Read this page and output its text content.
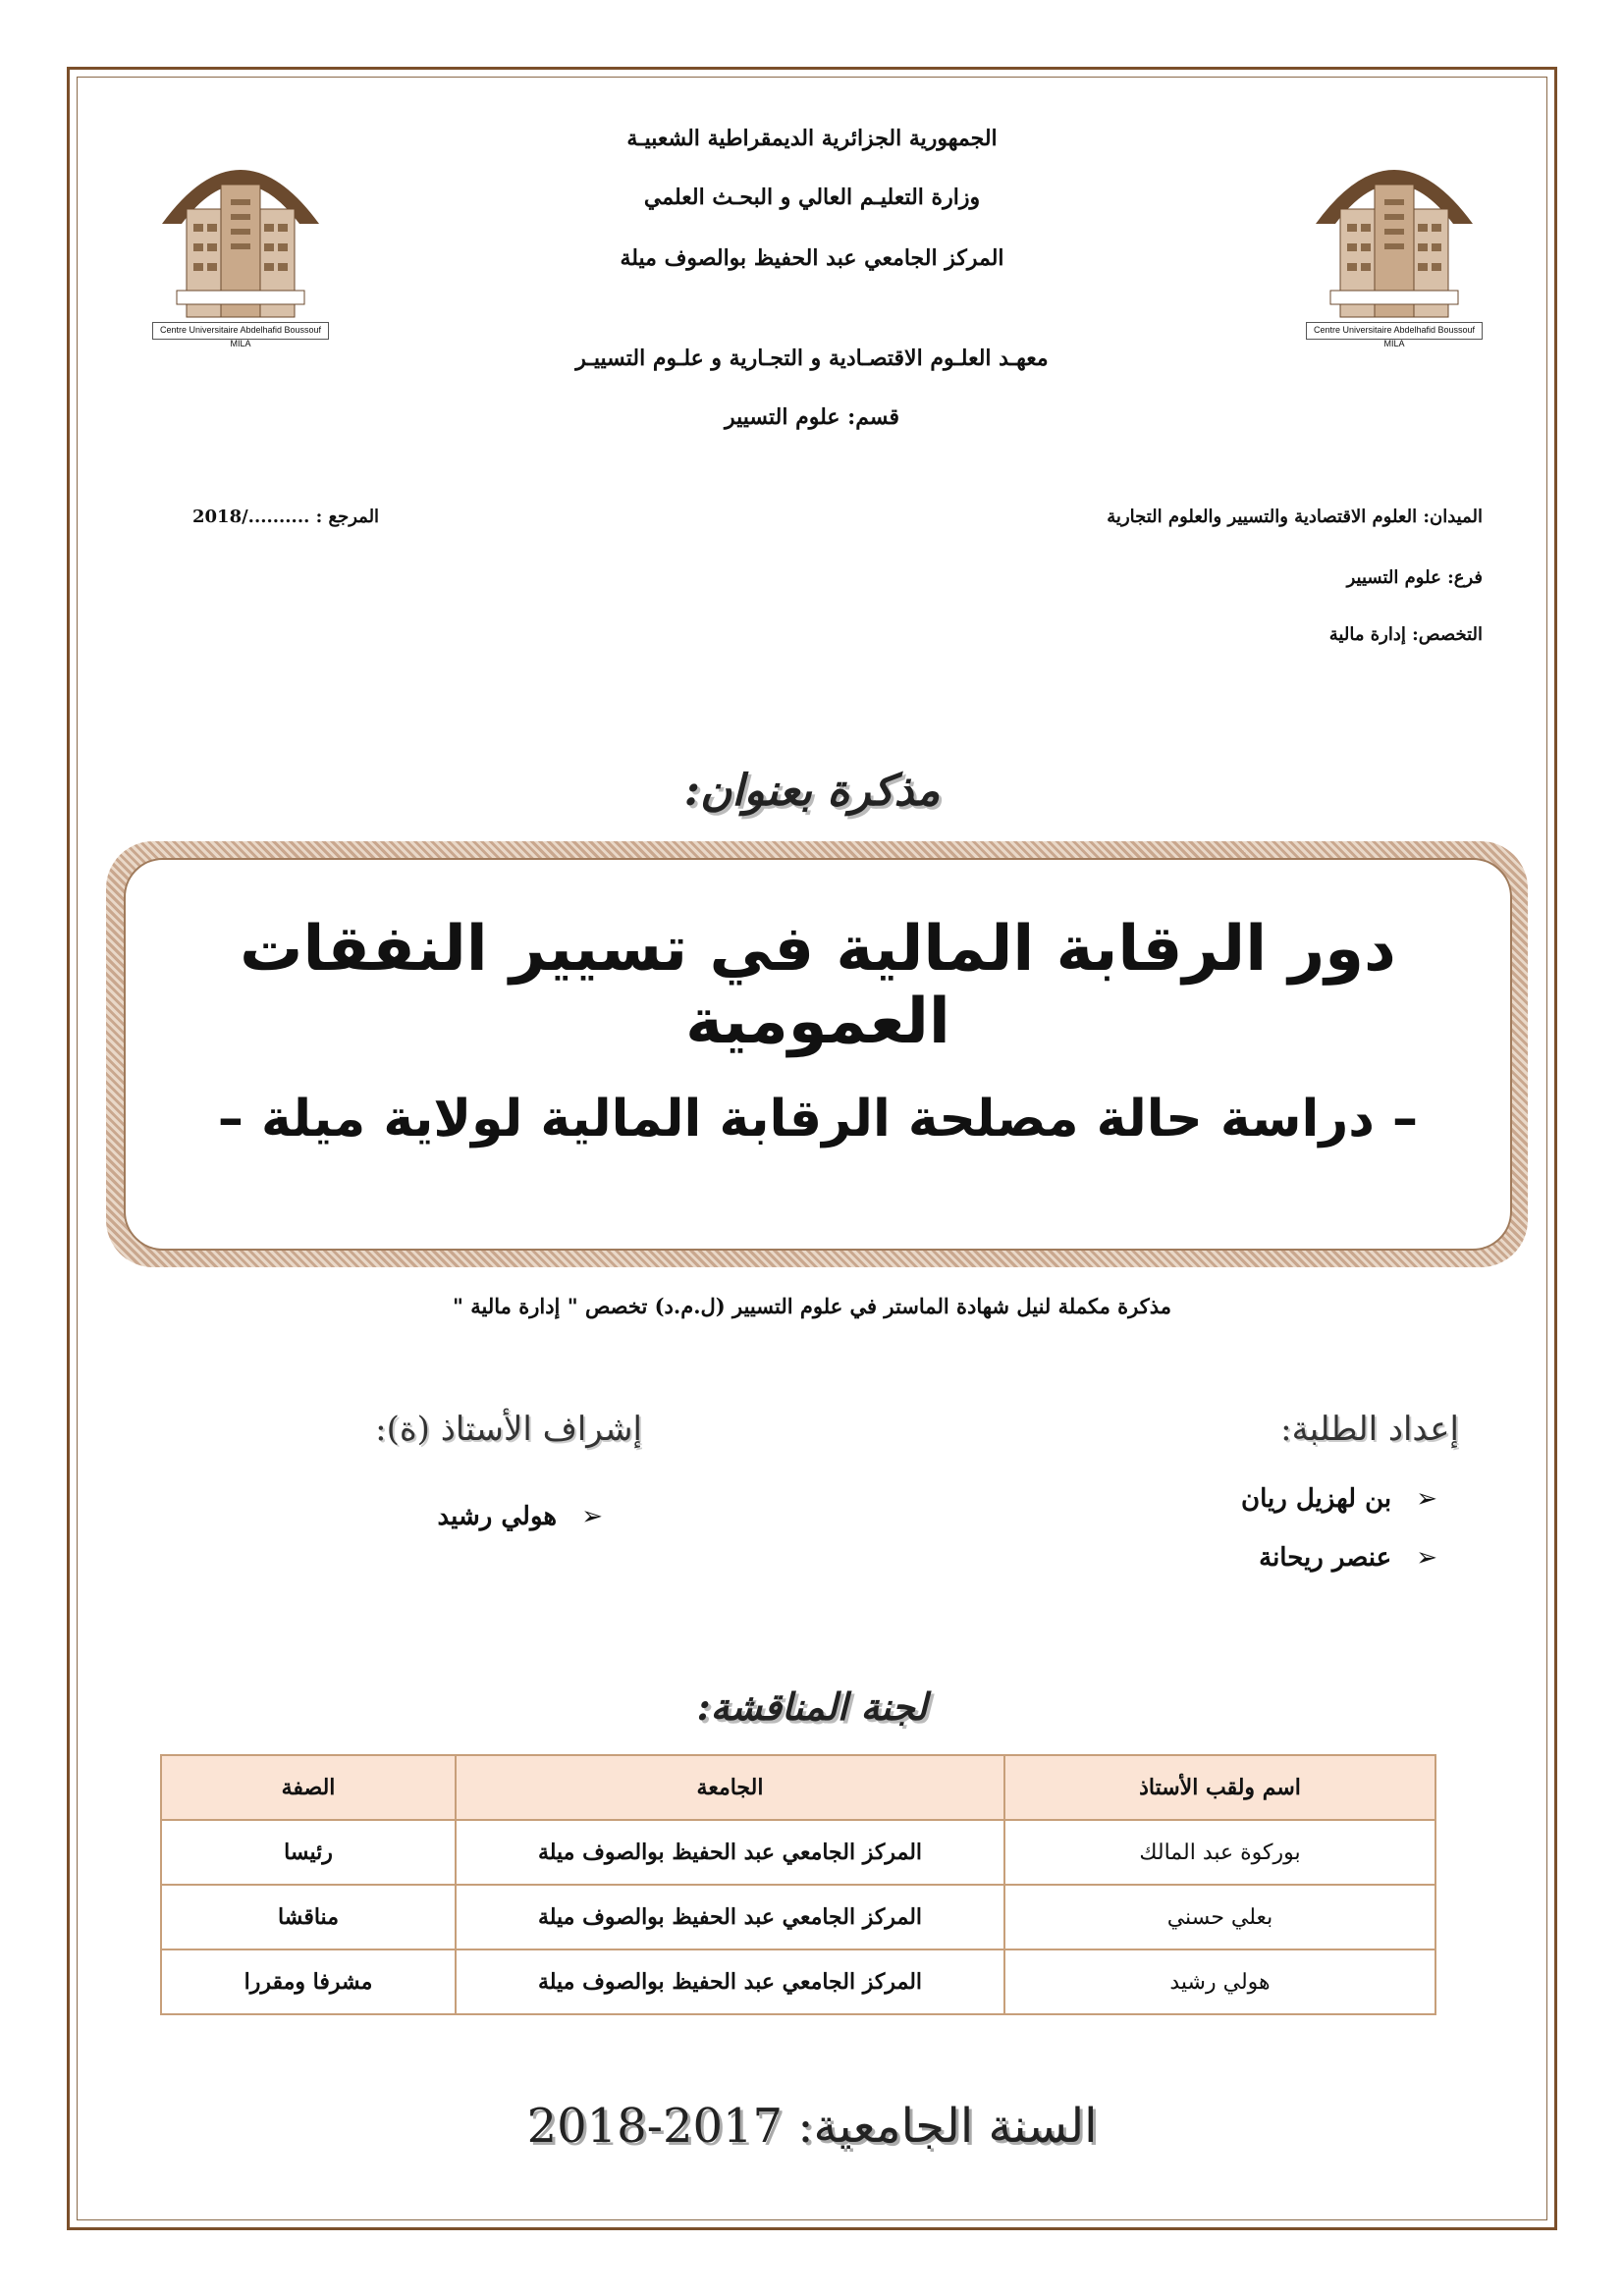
Centre Universitaire Abdelhafid Boussouf MILA
Centre Universitaire Abdelhafid Boussouf MILA
الجمهورية الجزائرية الديمقراطية الشعبيـة
وزارة التعليـم العالي و البحـث العلمي
المركز الجامعي عبد الحفيظ بوالصوف ميلة
معهـد العلـوم الاقتصـادية و التجـارية و علـوم التسييـر
قسم: علوم التسيير
الميدان: العلوم الاقتصادية والتسيير والعلوم التجارية
المرجع : ........../2018
فرع: علوم التسيير
التخصص: إدارة مالية
مذكرة بعنوان:
دور الرقابة المالية في تسيير النفقات العمومية
– دراسة حالة مصلحة الرقابة المالية لولاية ميلة –
مذكرة مكملة لنيل شهادة الماستر في علوم التسيير (ل.م.د) تخصص " إدارة مالية "
إعداد الطلبة:
➢ بن لهزيل ريان
➢ عنصر ريحانة
إشراف الأستاذ (ة):
➢ هولي رشيد
لجنة المناقشة:
اسم ولقب الأستاذ	الجامعة	الصفة
بوركوة عبد المالك	المركز الجامعي عبد الحفيظ بوالصوف ميلة	رئيسا
بعلي حسني	المركز الجامعي عبد الحفيظ بوالصوف ميلة	مناقشا
هولي رشيد	المركز الجامعي عبد الحفيظ بوالصوف ميلة	مشرفا ومقررا
السنة الجامعية: 2017-2018
